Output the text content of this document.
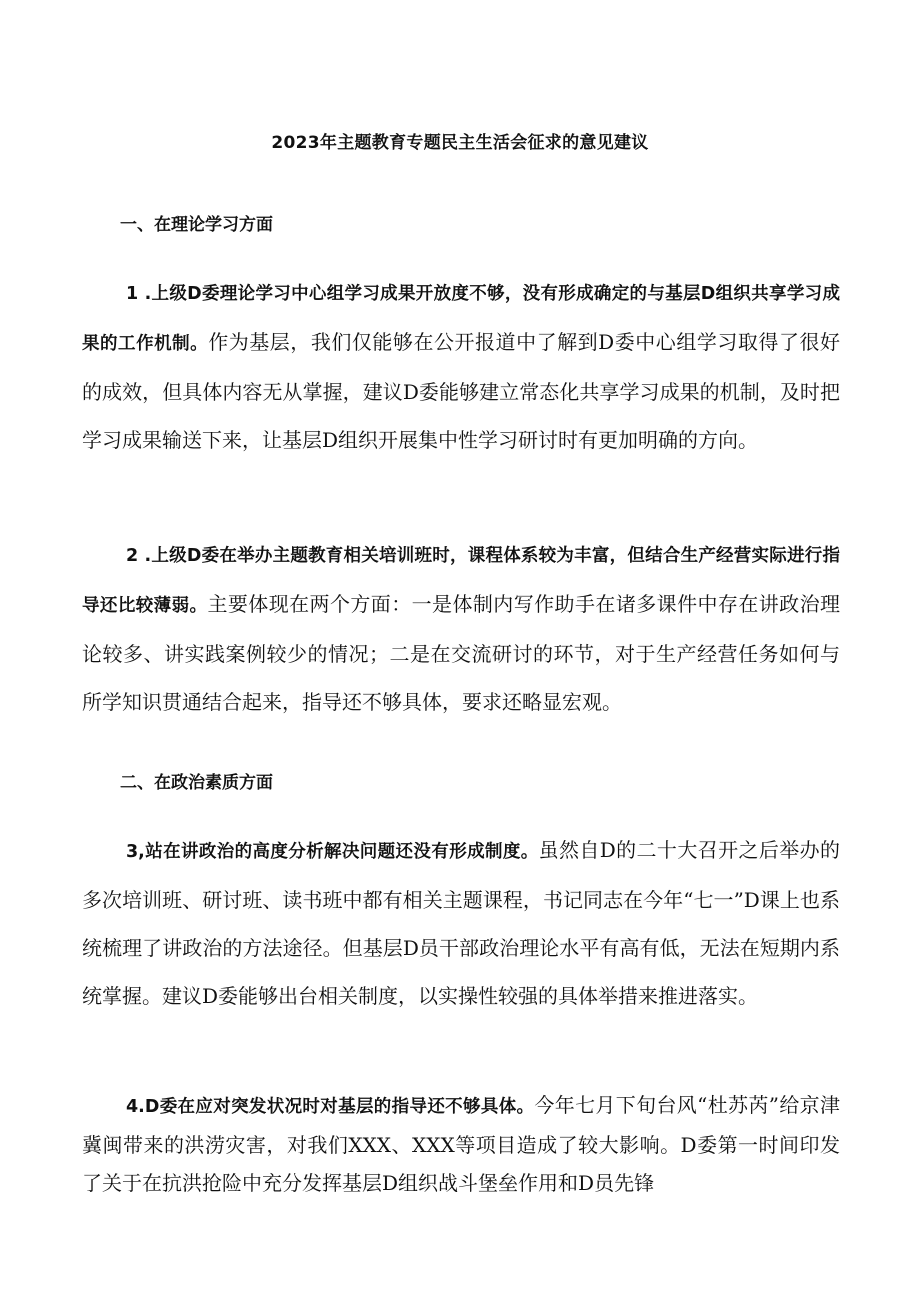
2023年主题教育专题民主生活会征求的意见建议
一、在理论学习方面

1 .上级D委理论学习中心组学习成果开放度不够，没有形成确定的与基层D组织共享学习成果的工作机制。作为基层，我们仅能够在公开报道中了解到D委中心组学习取得了很好的成效，但具体内容无从掌握，建议D委能够建立常态化共享学习成果的机制，及时把学习成果输送下来，让基层D组织开展集中性学习研讨时有更加明确的方向。

2 .上级D委在举办主题教育相关培训班时，课程体系较为丰富，但结合生产经营实际进行指导还比较薄弱。主要体现在两个方面：一是体制内写作助手在诸多课件中存在讲政治理论较多、讲实践案例较少的情况；二是在交流研讨的环节，对于生产经营任务如何与所学知识贯通结合起来，指导还不够具体，要求还略显宏观。

二、在政治素质方面

3,站在讲政治的高度分析解决问题还没有形成制度。虽然自D的二十大召开之后举办的多次培训班、研讨班、读书班中都有相关主题课程，书记同志在今年“七一”D课上也系统梳理了讲政治的方法途径。但基层D员干部政治理论水平有高有低，无法在短期内系统掌握。建议D委能够出台相关制度，以实操性较强的具体举措来推进落实。

4.D委在应对突发状况时对基层的指导还不够具体。今年七月下旬台风“杜苏芮”给京津冀闽带来的洪涝灾害，对我们XXX、XXX等项目造成了较大影响。D委第一时间印发了关于在抗洪抢险中充分发挥基层D组织战斗堡垒作用和D员先锋
